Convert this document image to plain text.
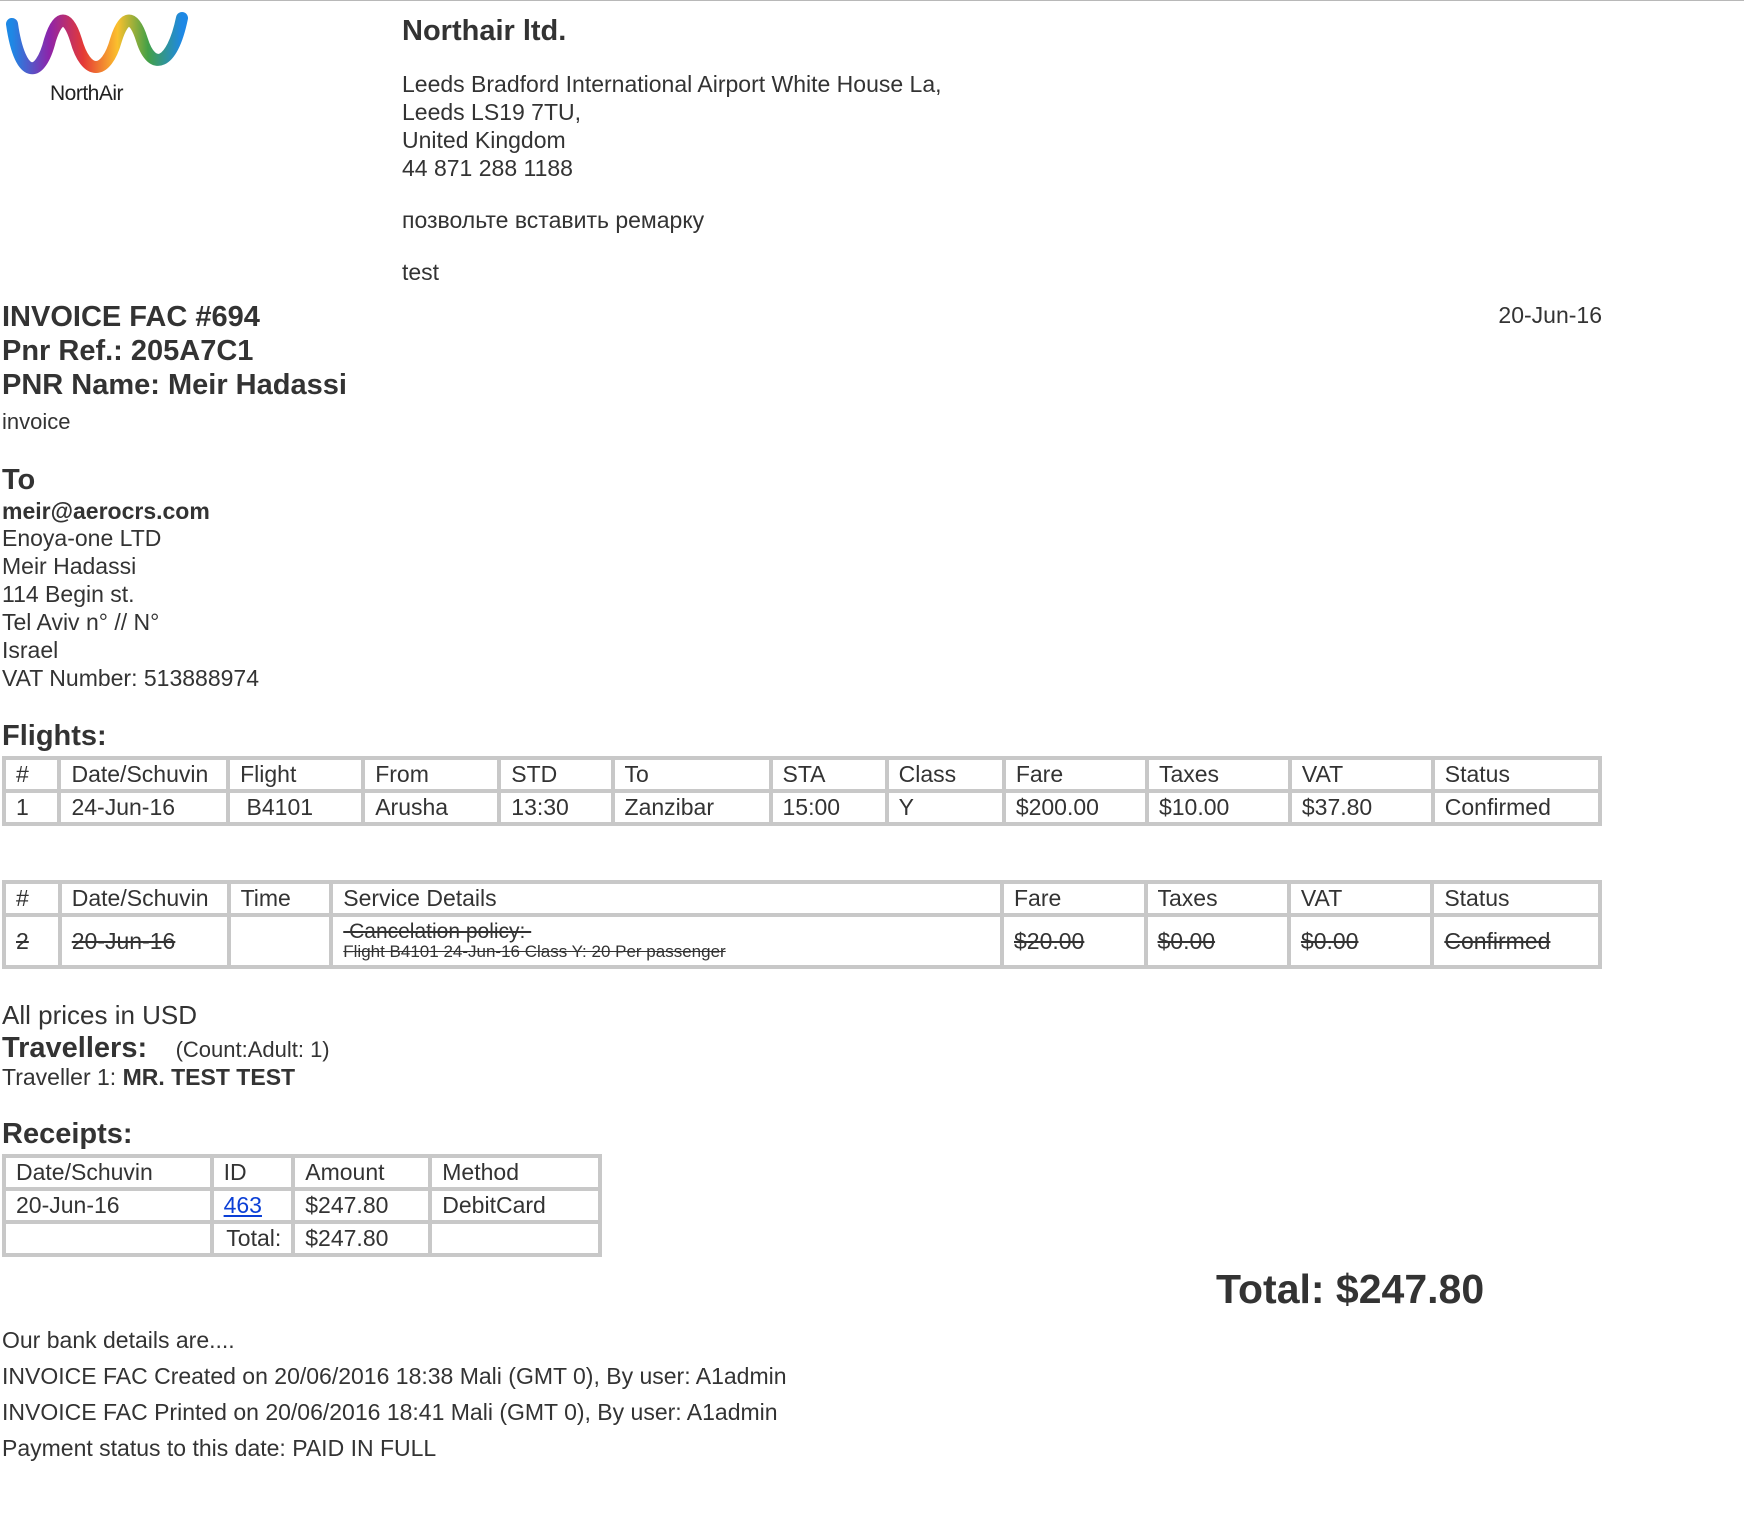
NorthAir
Northair ltd.
Leeds Bradford International Airport White House La,
Leeds LS19 7TU,
United Kingdom
44 871 288 1188
позвольте вставить ремарку
test
20-Jun-16
INVOICE FAC #694
Pnr Ref.: 205A7C1
PNR Name: Meir Hadassi
invoice
To
meir@aerocrs.com
Enoya-one LTD
Meir Hadassi
114 Begin st.
Tel Aviv n° // N°
Israel
VAT Number: 513888974
Flights:
#	Date/Schuvin	Flight	From	STD	To	STA	Class	Fare	Taxes	VAT	Status
1	24-Jun-16	B4101	Arusha	13:30	Zanzibar	15:00	Y	$200.00	$10.00	$37.80	Confirmed
#	Date/Schuvin	Time	Service Details	Fare	Taxes	VAT	Status
2	20-Jun-16		Cancelation policy:
Flight B4101 24-Jun-16 Class Y: 20 Per passenger	$20.00	$0.00	$0.00	Confirmed
All prices in USD
Travellers: (Count:Adult: 1)
Traveller 1: MR. TEST TEST
Receipts:
Date/Schuvin	ID	Amount	Method
20-Jun-16	463	$247.80	DebitCard
	Total:	$247.80	
Total: $247.80
Our bank details are....
INVOICE FAC Created on 20/06/2016 18:38 Mali (GMT 0), By user: A1admin
INVOICE FAC Printed on 20/06/2016 18:41 Mali (GMT 0), By user: A1admin
Payment status to this date: PAID IN FULL
